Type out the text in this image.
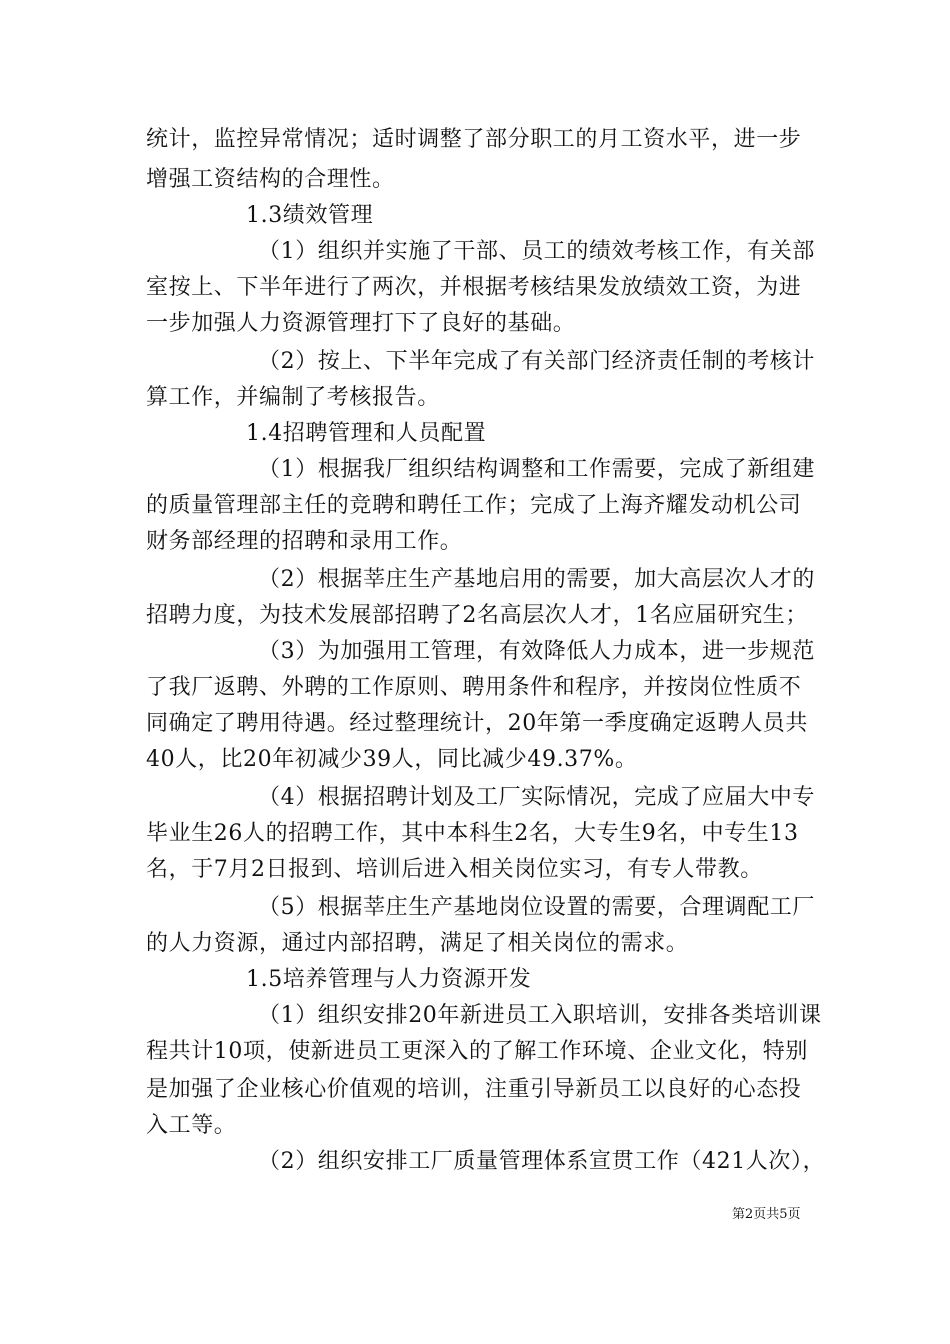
统计，监控异常情况；适时调整了部分职工的月工资水平，进一步
增强工资结构的合理性。
1.3绩效管理
（1）组织并实施了干部、员工的绩效考核工作，有关部
室按上、下半年进行了两次，并根据考核结果发放绩效工资，为进
一步加强人力资源管理打下了良好的基础。
（2）按上、下半年完成了有关部门经济责任制的考核计
算工作，并编制了考核报告。
1.4招聘管理和人员配置
（1）根据我厂组织结构调整和工作需要，完成了新组建
的质量管理部主任的竞聘和聘任工作；完成了上海齐耀发动机公司
财务部经理的招聘和录用工作。
（2）根据莘庄生产基地启用的需要，加大高层次人才的
招聘力度，为技术发展部招聘了2名高层次人才，1名应届研究生；
（3）为加强用工管理，有效降低人力成本，进一步规范
了我厂返聘、外聘的工作原则、聘用条件和程序，并按岗位性质不
同确定了聘用待遇。经过整理统计，20年第一季度确定返聘人员共
40人，比20年初减少39人，同比减少49.37%。
（4）根据招聘计划及工厂实际情况，完成了应届大中专
毕业生26人的招聘工作，其中本科生2名，大专生9名，中专生13
名，于7月2日报到、培训后进入相关岗位实习，有专人带教。
（5）根据莘庄生产基地岗位设置的需要，合理调配工厂
的人力资源，通过内部招聘，满足了相关岗位的需求。
1.5培养管理与人力资源开发
（1）组织安排20年新进员工入职培训，安排各类培训课
程共计10项，使新进员工更深入的了解工作环境、企业文化，特别
是加强了企业核心价值观的培训，注重引导新员工以良好的心态投
入工等。
（2）组织安排工厂质量管理体系宣贯工作（421人次），
第2页共5页
